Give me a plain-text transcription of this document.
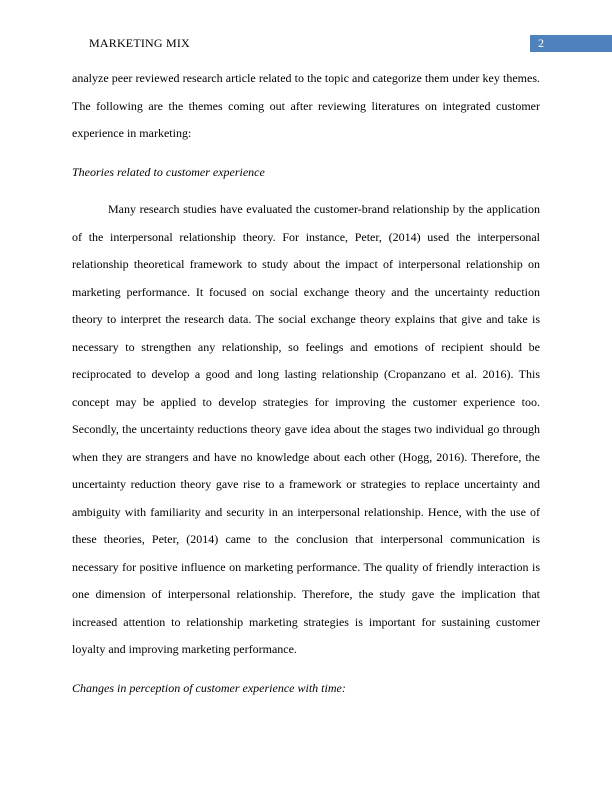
MARKETING MIX	2

analyze peer reviewed research article related to the topic and categorize them under key themes. The following are the themes coming out after reviewing literatures on integrated customer experience in marketing:

Theories related to customer experience

Many research studies have evaluated the customer-brand relationship by the application of the interpersonal relationship theory. For instance, Peter, (2014) used the interpersonal relationship theoretical framework to study about the impact of interpersonal relationship on marketing performance. It focused on social exchange theory and the uncertainty reduction theory to interpret the research data. The social exchange theory explains that give and take is necessary to strengthen any relationship, so feelings and emotions of recipient should be reciprocated to develop a good and long lasting relationship (Cropanzano et al. 2016). This concept may be applied to develop strategies for improving the customer experience too. Secondly, the uncertainty reductions theory gave idea about the stages two individual go through when they are strangers and have no knowledge about each other (Hogg, 2016). Therefore, the uncertainty reduction theory gave rise to a framework or strategies to replace uncertainty and ambiguity with familiarity and security in an interpersonal relationship. Hence, with the use of these theories, Peter, (2014) came to the conclusion that interpersonal communication is necessary for positive influence on marketing performance. The quality of friendly interaction is one dimension of interpersonal relationship. Therefore, the study gave the implication that increased attention to relationship marketing strategies is important for sustaining customer loyalty and improving marketing performance.

Changes in perception of customer experience with time:
